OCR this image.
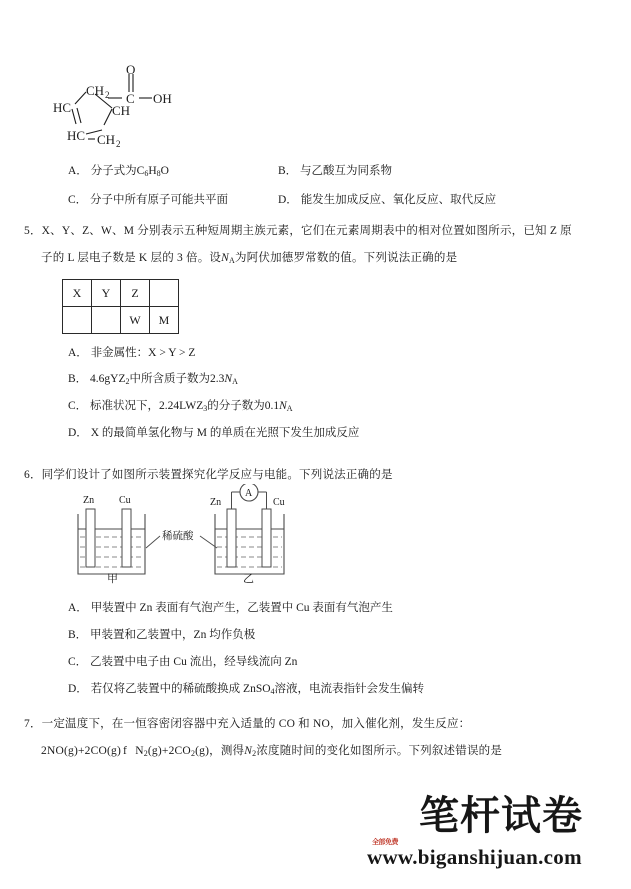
O
C OH
CH 2
CH
HC
HC CH 2
A． 分子式为$C_6H_8O$	B． 与乙酸互为同系物
C． 分子中所有原子可能共平面	D． 能发生加成反应、氧化反应、取代反应
5．X、Y、Z、W、M 分别表示五种短周期主族元素，它们在元素周期表中的相对位置如图所示，已知 Z 原
子的 L 层电子数是 K 层的 3 倍。设$N_A$为阿伏加德罗常数的值。下列说法正确的是
X	Y	Z	
		W	M
A． 非金属性：X > Y > Z
B． 4.6gYZ$_2$中所含质子数为$2.3N_A$
C． 标准状况下，$2.24LWZ_3$的分子数为$0.1N_A$
D． X 的最简单氢化物与 M 的单质在光照下发生加成反应
6．同学们设计了如图所示装置探究化学反应与电能。下列说法正确的是
Zn Cu
稀硫酸
Zn	Cu
A
甲	乙
A． 甲装置中 Zn 表面有气泡产生，乙装置中 Cu 表面有气泡产生
B． 甲装置和乙装置中，Zn 均作负极
C． 乙装置中电子由 Cu 流出，经导线流向 Zn
D． 若仅将乙装置中的稀硫酸换成 ZnSO$_4$溶液，电流表指针会发生偏转
7．一定温度下，在一恒容密闭容器中充入适量的 CO 和 NO，加入催化剂，发生反应：
2NO(g)+2CO(g) f $N_2(g)+2CO_2(g)$，测得$N_2$浓度随时间的变化如图所示。下列叙述错误的是
笔杆试卷
全部免费
www.biganshijuan.com
